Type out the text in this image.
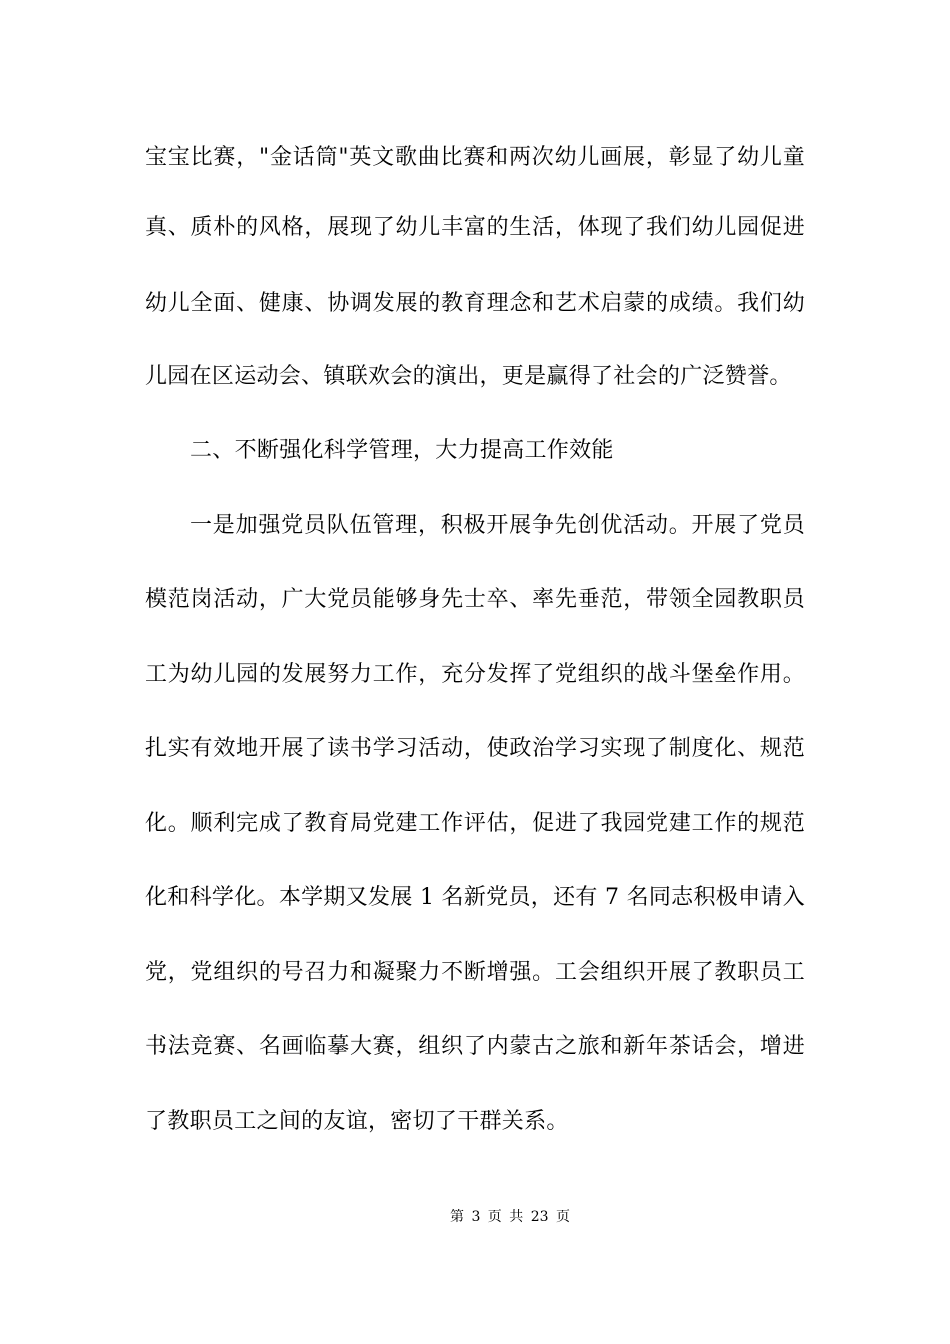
宝宝比赛，"金话筒"英文歌曲比赛和两次幼儿画展，彰显了幼儿童
真、质朴的风格，展现了幼儿丰富的生活，体现了我们幼儿园促进
幼儿全面、健康、协调发展的教育理念和艺术启蒙的成绩。我们幼
儿园在区运动会、镇联欢会的演出，更是赢得了社会的广泛赞誉。
二、不断强化科学管理，大力提高工作效能
一是加强党员队伍管理，积极开展争先创优活动。开展了党员
模范岗活动，广大党员能够身先士卒、率先垂范，带领全园教职员
工为幼儿园的发展努力工作，充分发挥了党组织的战斗堡垒作用。
扎实有效地开展了读书学习活动，使政治学习实现了制度化、规范
化。顺利完成了教育局党建工作评估，促进了我园党建工作的规范
化和科学化。本学期又发展 1 名新党员，还有 7 名同志积极申请入
党，党组织的号召力和凝聚力不断增强。工会组织开展了教职员工
书法竞赛、名画临摹大赛，组织了内蒙古之旅和新年茶话会，增进
了教职员工之间的友谊，密切了干群关系。
第 3 页 共 23 页
